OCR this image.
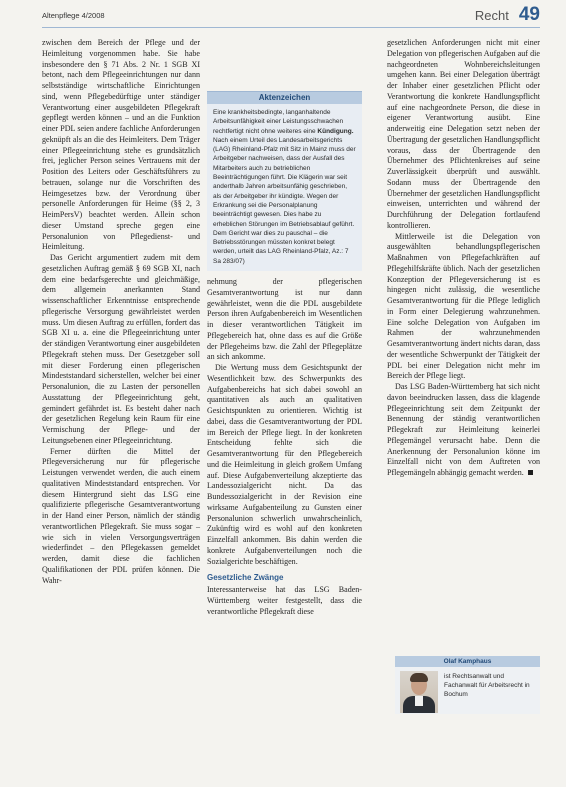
Altenpflege 4/2008	Recht 49

zwischen dem Bereich der Pflege und der Heimleitung vorgenommen habe. Sie habe insbesondere den § 71 Abs. 2 Nr. 1 SGB XI betont, nach dem Pflegeeinrichtungen nur dann selbstständige wirtschaftliche Einrichtungen sind, wenn Pflegebedürftige unter ständiger Verantwortung einer ausgebildeten Pflegekraft gepflegt werden können – und an die Funktion einer PDL seien andere fachliche Anforderungen geknüpft als an die des Heimleiters. Dem Träger einer Pflegeeinrichtung stehe es grundsätzlich frei, jeglicher Person seines Vertrauens mit der Position des Leiters oder Geschäftsführers zu betrauen, solange nur die Vorschriften des Heimgesetzes bzw. der Verordnung über personelle Anforderungen für Heime (§§ 2, 3 HeimPersV) beachtet werden. Allein schon dieser Umstand spreche gegen eine Personalunion von Pflegedienst- und Heimleitung.

Das Gericht argumentiert zudem mit dem gesetzlichen Auftrag gemäß § 69 SGB XI, nach dem eine bedarfsgerechte und gleichmäßige, dem allgemein anerkannten Stand wissenschaftlicher Erkenntnisse entsprechende pflegerische Versorgung gewährleistet werden muss. Um diesen Auftrag zu erfüllen, fordert das SGB XI u. a. eine die Pflegeeinrichtung unter der ständigen Verantwortung einer ausgebildeten Pflegekraft stehen muss. Der Gesetzgeber soll mit dieser Forderung einen pflegerischen Mindeststandard sicherstellen, welcher bei einer Personalunion, die zu Lasten der personellen Ausstattung der Pflegeeinrichtung geht, gemindert gefährdet ist. Es besteht daher nach der gesetzlichen Regelung kein Raum für eine Vermischung der Pflege- und der Leitungsebenen einer Pflegeeinrichtung.

Ferner dürften die Mittel der Pflegeversicherung nur für pflegerische Leistungen verwendet werden, die auch einem qualitativen Mindeststandard entsprechen. Vor diesem Hintergrund sieht das LSG eine qualifizierte pflegerische Gesamtverantwortung in der Hand einer Person, nämlich der ständig verantwortlichen Pflegekraft. Sie muss sogar – wie sich in vielen Versorgungsverträgen wiederfindet – den Pflegekassen gemeldet werden, damit diese die fachlichen Qualifikationen der PDL prüfen können. Die Wahr-

Aktenzeichen
Eine krankheitsbedingte, langanhaltende Arbeitsunfähigkeit einer Leistungsschwachen rechtfertigt nicht ohne weiteres eine Kündigung. Nach einem Urteil des Landesarbeitsgerichts (LAG) Rheinland-Pfalz mit Sitz in Mainz muss der Arbeitgeber nachweisen, dass der Ausfall des Mitarbeiters auch zu betrieblichen Beeinträchtigungen führt. Die Klägerin war seit anderthalb Jahren arbeitsunfähig geschrieben, als der Arbeitgeber ihr kündigte. Wegen der Erkrankung sei die Personalplanung beeinträchtigt gewesen. Dies habe zu erheblichen Störungen im Betriebsablauf geführt. Dem Gericht war dies zu pauschal – die Betriebsstörungen müssten konkret belegt werden, urteilt das LAG Rheinland-Pfalz, Az.: 7 Sa 283/07)

nehmung der pflegerischen Gesamtverantwortung ist nur dann gewährleistet, wenn die die PDL ausgebildete Person ihren Aufgabenbereich im Wesentlichen in dieser verantwortlichen Tätigkeit im Pflegebereich hat, ohne dass es auf die Größe der Pflegeheims bzw. die Zahl der Pflegeplätze an sich ankomme.

Die Wertung muss dem Gesichtspunkt der Wesentlichkeit bzw. des Schwerpunkts des Aufgabenbereichs hat sich dabei sowohl an quantitativen als auch an qualitativen Gesichtspunkten zu orientieren. Wichtig ist dabei, dass die Gesamtverantwortung der PDL im Bereich der Pflege liegt. In der konkreten Entscheidung fehlte sich die Gesamtverantwortung für den Pflegebereich und die Heimleitung in gleich großem Umfang auf. Diese Aufgabenverteilung akzeptierte das Landessozialgericht nicht. Da das Bundessozialgericht in der Revision eine wirksame Aufgabenteilung zu Gunsten einer Personalunion schwerlich unwahrscheinlich, Zukünftig wird es wohl auf den konkreten Einzelfall ankommen. Bis dahin werden die konkrete Aufgabenverteilungen noch die Sozialgerichte beschäftigen.

Gesetzliche Zwänge

Interessanterweise hat das LSG Baden-Württemberg weiter festgestellt, dass die verantwortliche Pflegekraft diese

gesetzlichen Anforderungen nicht mit einer Delegation von pflegerischen Aufgaben auf die nachgeordneten Wohnbereichsleitungen umgehen kann. Bei einer Delegation überträgt der Inhaber einer gesetzlichen Pflicht oder Verantwortung die konkrete Handlungspflicht auf eine nachgeordnete Person, die diese in eigener Verantwortung ausübt. Eine anderweitig eine Delegation setzt neben der Übertragung der gesetzlichen Handlungspflicht voraus, dass der Übertragende den Übernehmer des Pflichtenkreises auf seine Zuverlässigkeit überprüft und auswählt. Sodann muss der Übertragende den Übernehmer der gesetzlichen Handlungspflicht einweisen, unterrichten und während der Durchführung der Delegation fortlaufend kontrollieren.

Mittlerweile ist die Delegation von ausgewählten behandlungspflegerischen Maßnahmen von Pflegefachkräften auf Pflegehilfskräfte üblich. Nach der gesetzlichen Konzeption der Pflegeversicherung ist es hingegen nicht zulässig, die wesentliche Gesamtverantwortung für die Pflege lediglich in Form einer Delegierung wahrzunehmen. Eine solche Delegation von Aufgaben im Rahmen der wahrzunehmenden Gesamtverantwortung ändert nichts daran, dass der wesentliche Schwerpunkt der Tätigkeit der PDL bei einer Delegation nicht mehr im Bereich der Pflege liegt.

Das LSG Baden-Württemberg hat sich nicht davon beeindrucken lassen, dass die klagende Pflegeeinrichtung seit dem Zeitpunkt der Benennung der ständig verantwortlichen Pflegekraft zur Heimleitung keinerlei Pflegemängel verursacht habe. Denn die Anerkennung der Personalunion könne im Einzelfall nicht von dem Auftreten von Pflegemängeln abhängig gemacht werden.

Olaf Kamphaus
ist Rechtsanwalt und Fachanwalt für Arbeitsrecht in Bochum
